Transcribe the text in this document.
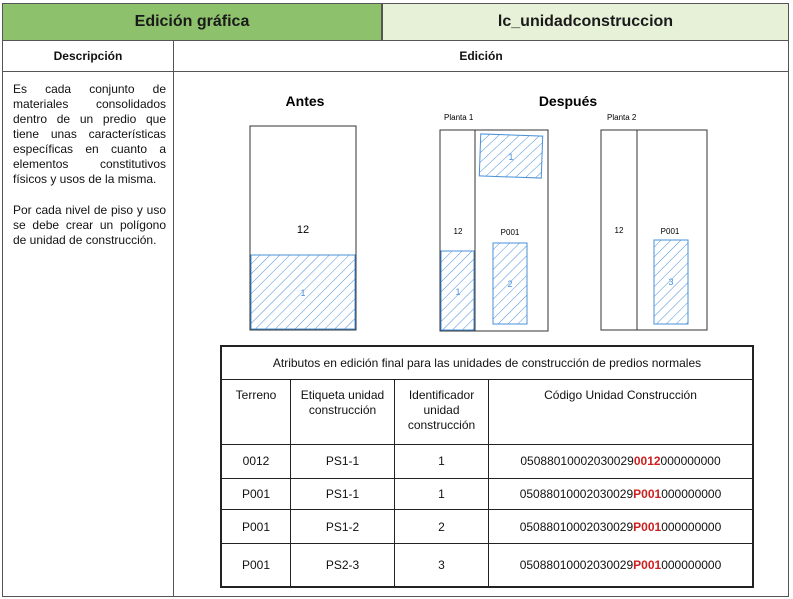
Edición gráfica	lc_unidadconstruccion
Descripción	Edición

Es cada conjunto de materiales consolidados dentro de un predio que tiene unas características específicas en cuanto a elementos constitutivos físicos y usos de la misma.

Por cada nivel de piso y uso se debe crear un polígono de unidad de construcción.

Antes	Después
Planta 1	Planta 2
12
1
12	P001
1
1
2
12	P001
3
Atributos en edición final para las unidades de construcción de predios normales			
Terreno	Etiqueta unidad construcción	Identificador unidad construcción	Código Unidad Construcción
0012	PS1-1	1	050880100020300290012000000000
P001	PS1-1	1	05088010002030029P001000000000
P001	PS1-2	2	05088010002030029P001000000000
P001	PS2-3	3	05088010002030029P001000000000
